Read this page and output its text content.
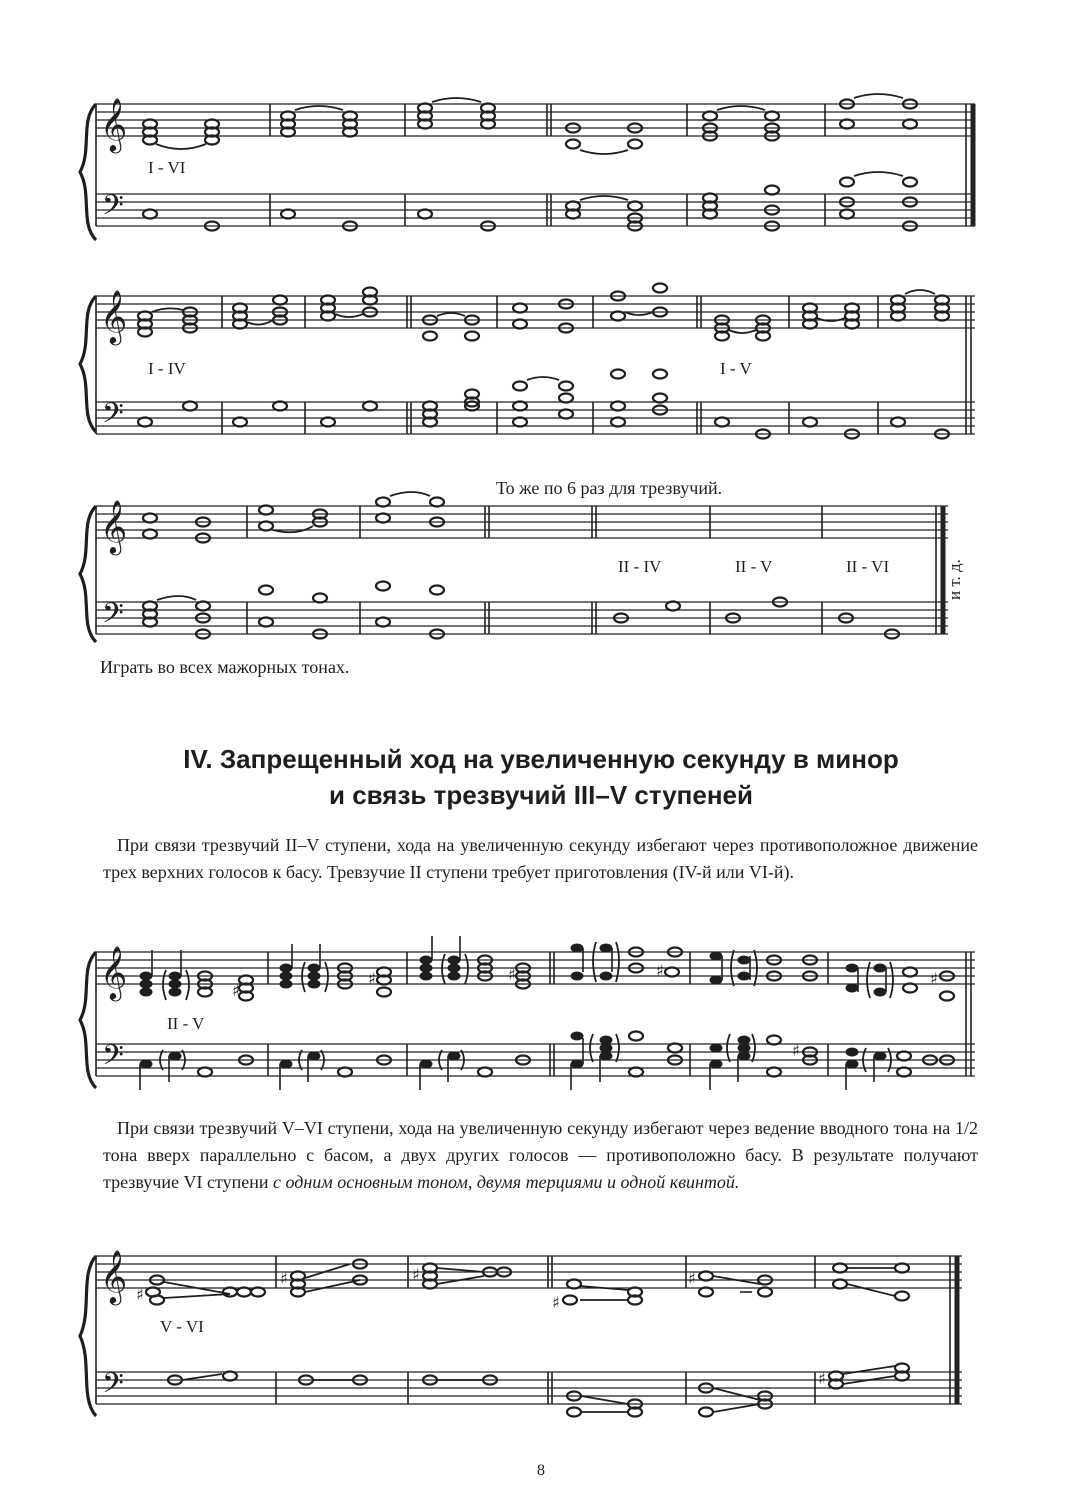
𝄞
𝄢
I - VI
𝄞
𝄢
I - IV	I - V
То же по 6 раз для трезвучий.
𝄞
𝄢
II - IV	II - V	II - VI	и т. д.
Играть во всех мажорных тонах.
IV. Запрещенный ход на увеличенную секунду в минор
и связь трезвучий III–V ступеней
При связи трезвучий II–V ступени, хода на увеличенную секунду избегают через противоположное движение трех верхних голосов к басу. Тревзучие II ступени требует приготовления (IV-й или VI-й).
𝄞
𝄢
♯
♯	♯	♯	♯
♯
II - V
При связи трезвучий V–VI ступени, хода на увеличенную секунду избегают через ведение вводного тона на 1/2 тона вверх параллельно с басом, а двух других голосов — противоположно басу. В результате получают трезвучие VI ступени с одним основным тоном, двумя терциями и одной квинтой.
𝄞
𝄢
♯
♯	♯
♯
♯
♯
V - VI
8
